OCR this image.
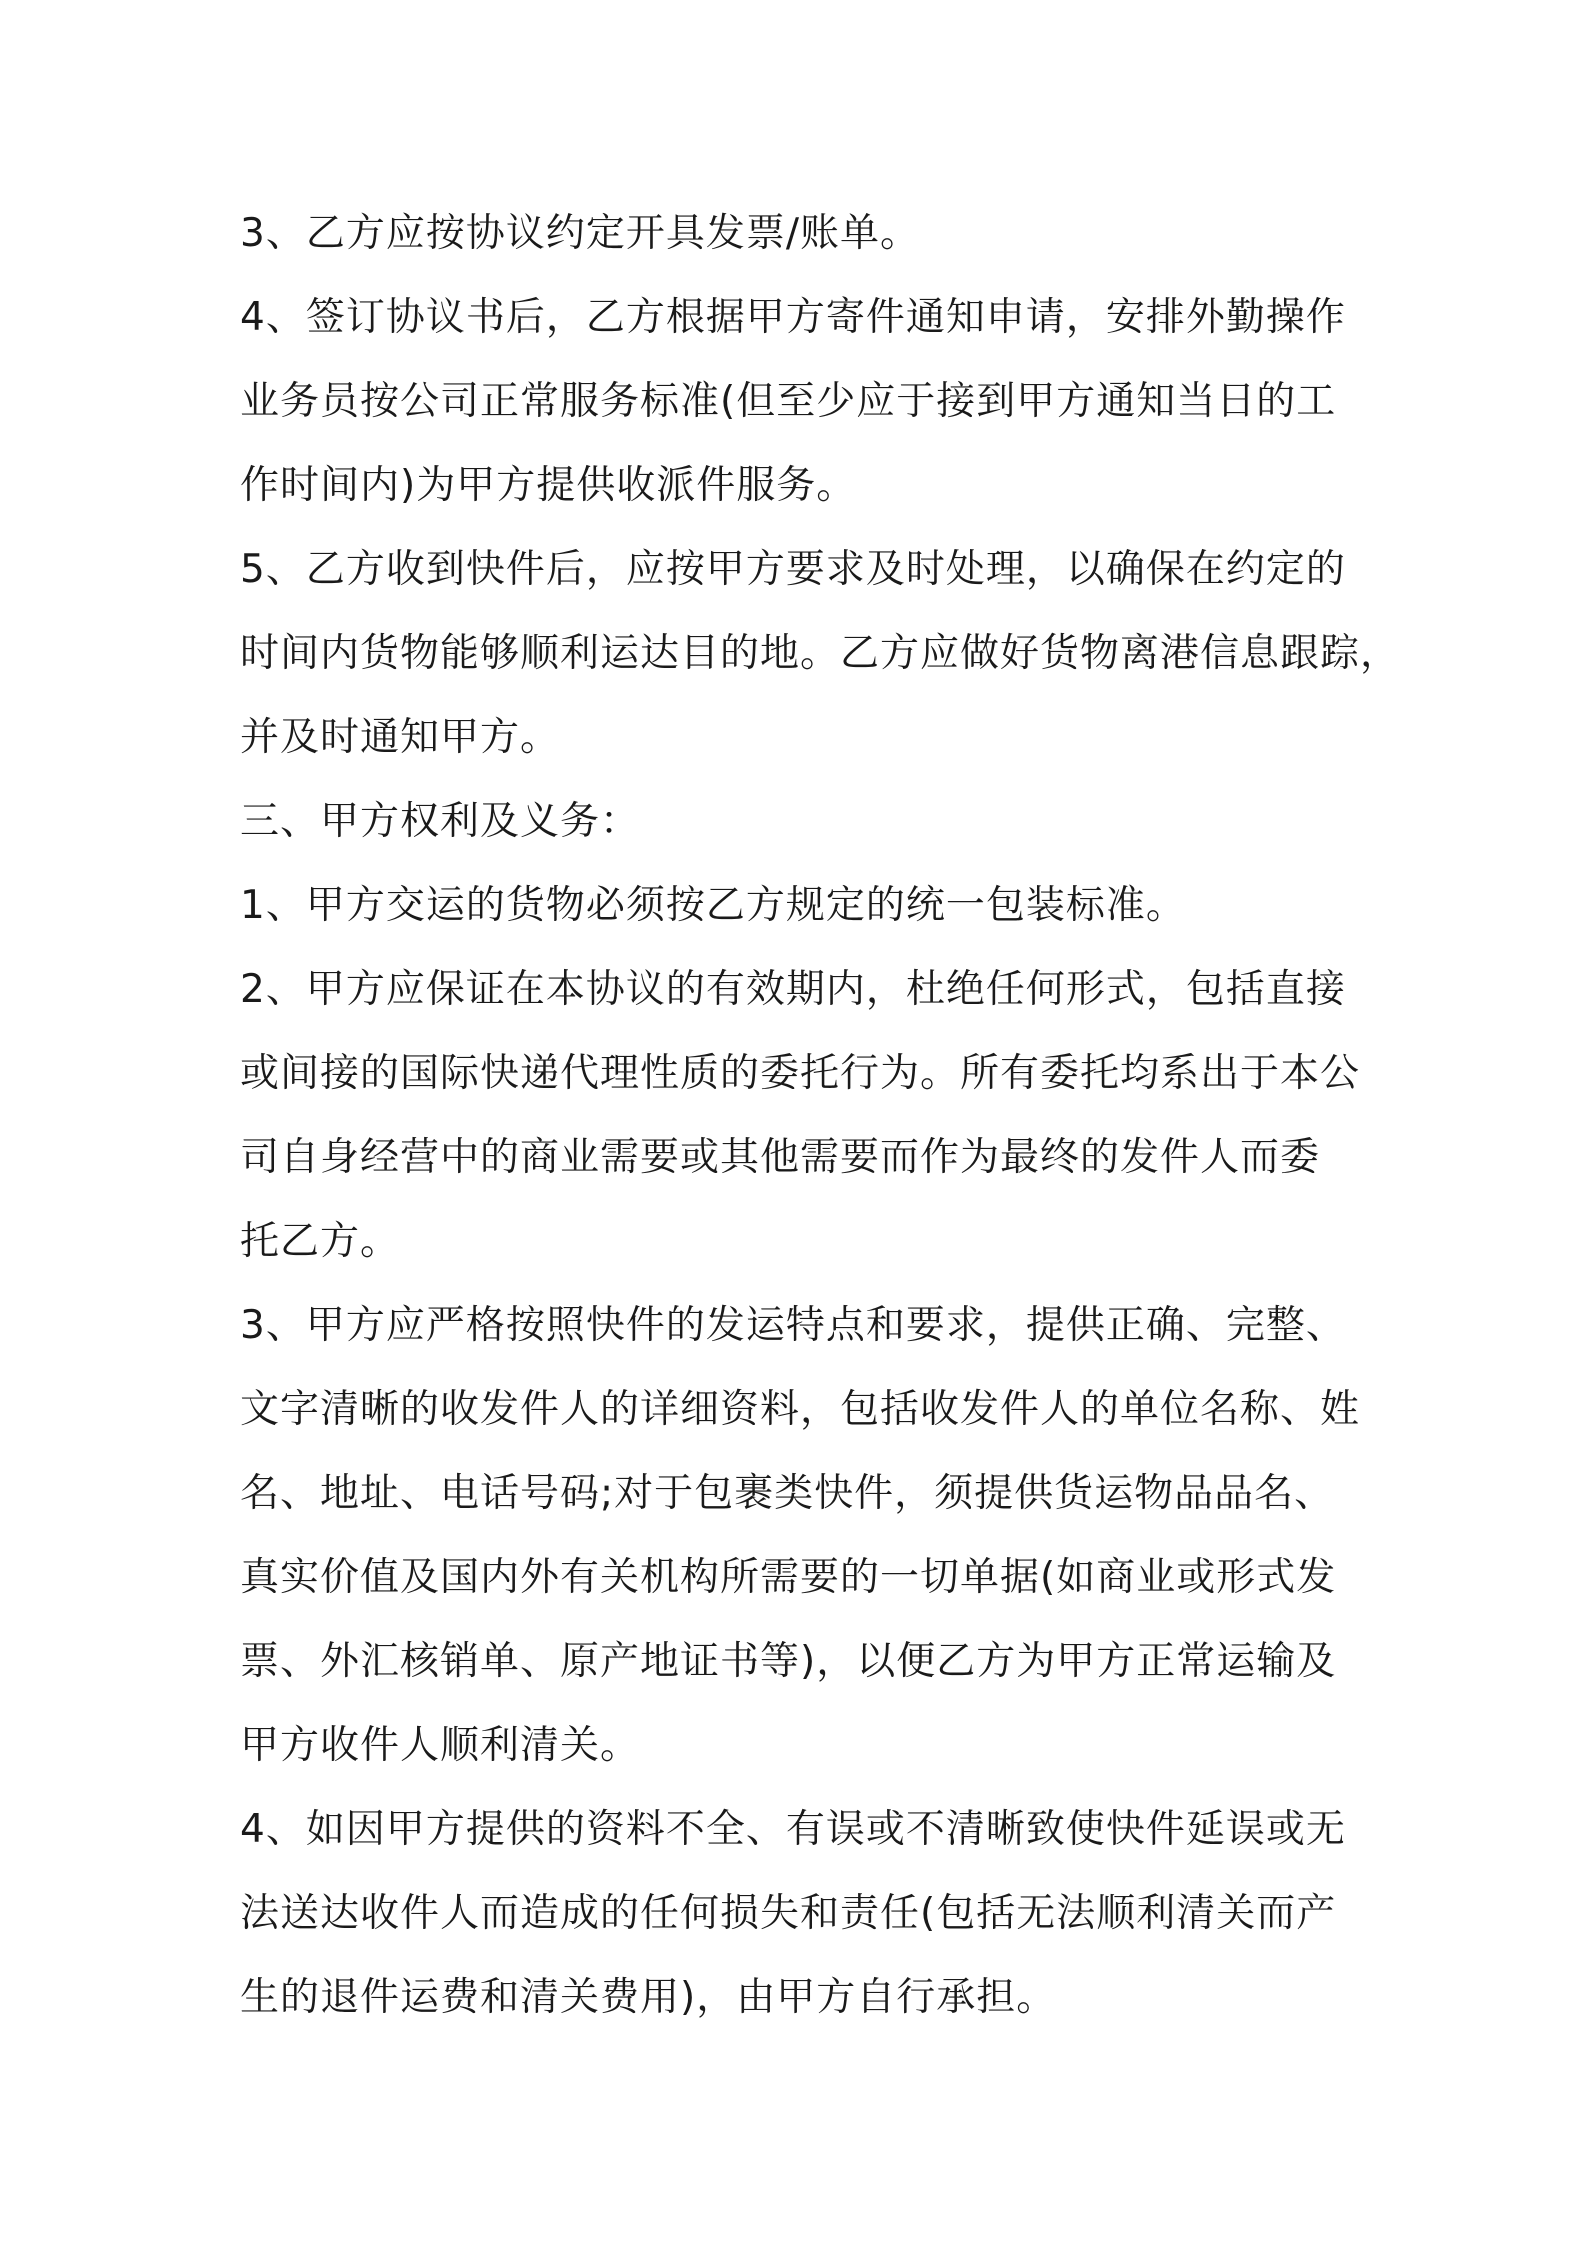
3、乙方应按协议约定开具发票/账单。
4、签订协议书后，乙方根据甲方寄件通知申请，安排外勤操作
业务员按公司正常服务标准(但至少应于接到甲方通知当日的工
作时间内)为甲方提供收派件服务。
5、乙方收到快件后，应按甲方要求及时处理，以确保在约定的
时间内货物能够顺利运达目的地。乙方应做好货物离港信息跟踪，
并及时通知甲方。
三、甲方权利及义务：
1、甲方交运的货物必须按乙方规定的统一包装标准。
2、甲方应保证在本协议的有效期内，杜绝任何形式，包括直接
或间接的国际快递代理性质的委托行为。所有委托均系出于本公
司自身经营中的商业需要或其他需要而作为最终的发件人而委
托乙方。
3、甲方应严格按照快件的发运特点和要求，提供正确、完整、
文字清晰的收发件人的详细资料，包括收发件人的单位名称、姓
名、地址、电话号码;对于包裹类快件，须提供货运物品品名、
真实价值及国内外有关机构所需要的一切单据(如商业或形式发
票、外汇核销单、原产地证书等)，以便乙方为甲方正常运输及
甲方收件人顺利清关。
4、如因甲方提供的资料不全、有误或不清晰致使快件延误或无
法送达收件人而造成的任何损失和责任(包括无法顺利清关而产
生的退件运费和清关费用)，由甲方自行承担。
